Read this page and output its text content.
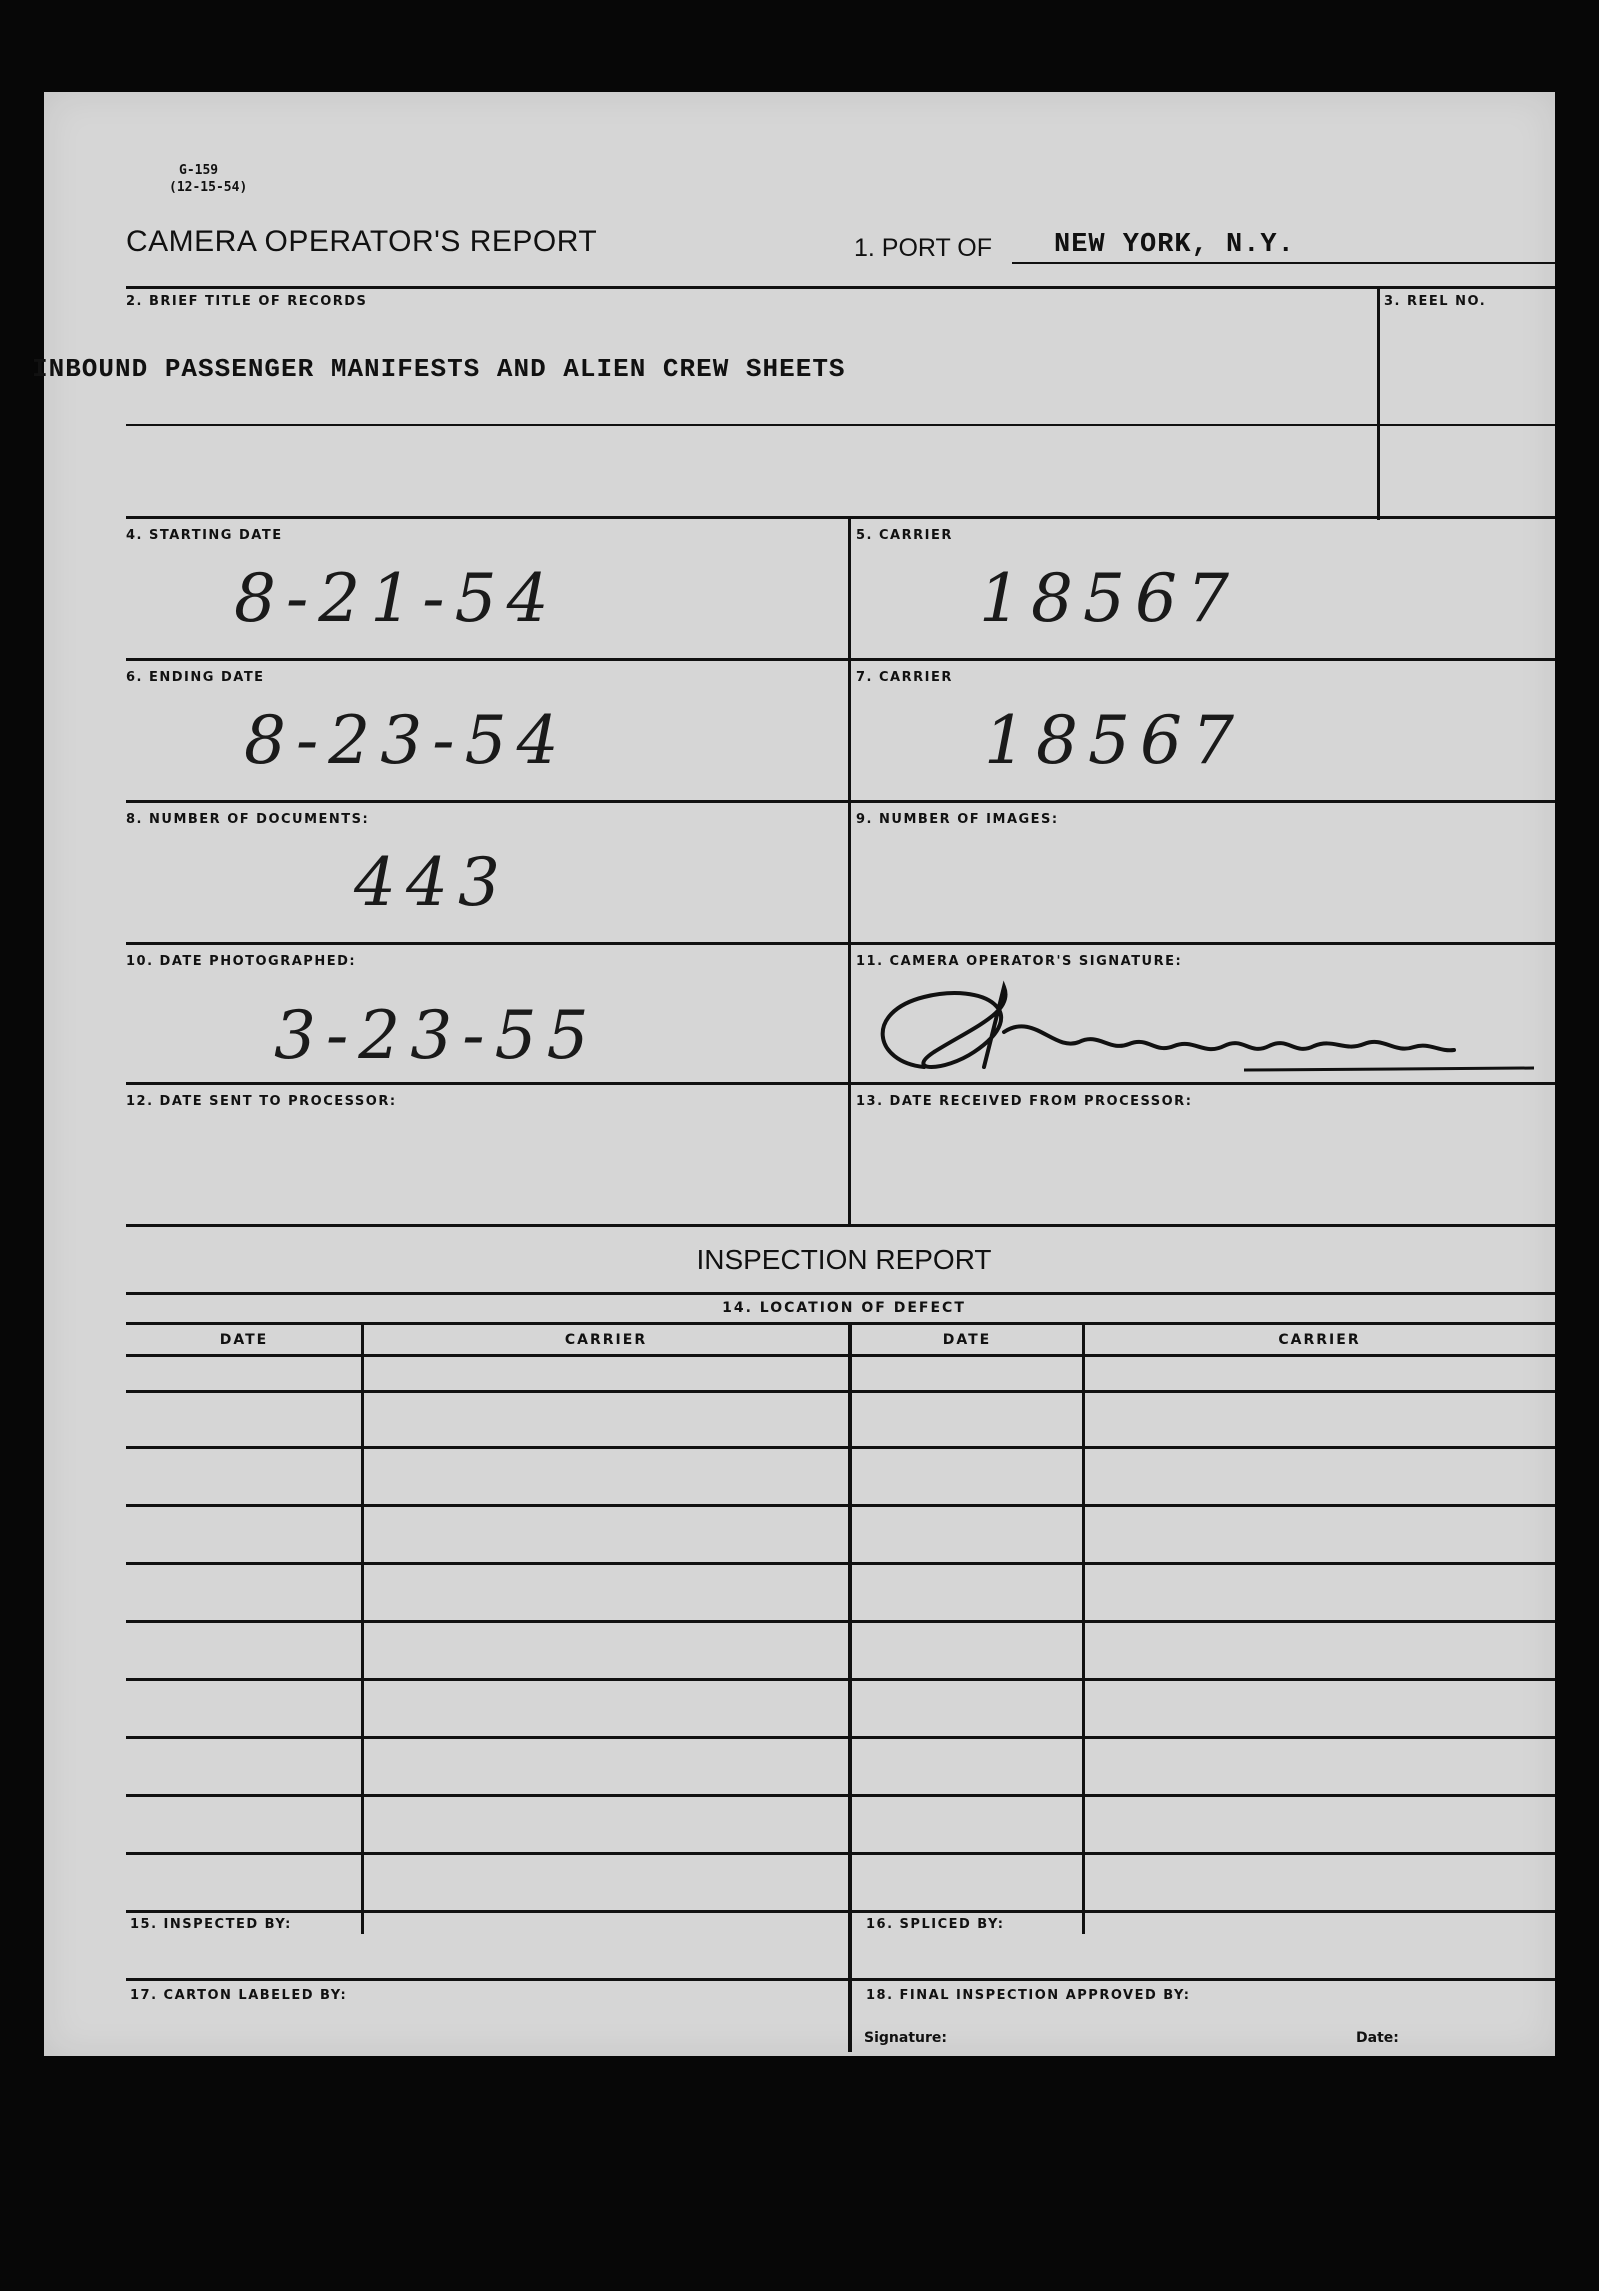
G-159
(12-15-54)
CAMERA OPERATOR'S REPORT	1. PORT OF NEW YORK, N.Y.
2. BRIEF TITLE OF RECORDS
INBOUND PASSENGER MANIFESTS AND ALIEN CREW SHEETS
3. REEL NO.
4. STARTING DATE
8-21-54
5. CARRIER
18567
6. ENDING DATE
8-23-54
7. CARRIER
18567
8. NUMBER OF DOCUMENTS:
443
9. NUMBER OF IMAGES:
10. DATE PHOTOGRAPHED:
3-23-55
11. CAMERA OPERATOR'S SIGNATURE:
12. DATE SENT TO PROCESSOR:	13. DATE RECEIVED FROM PROCESSOR:
INSPECTION REPORT
14. LOCATION OF DEFECT
DATE	CARRIER	DATE	CARRIER
15. INSPECTED BY:	16. SPLICED BY:
17. CARTON LABELED BY:	18. FINAL INSPECTION APPROVED BY:
Signature:	Date:
